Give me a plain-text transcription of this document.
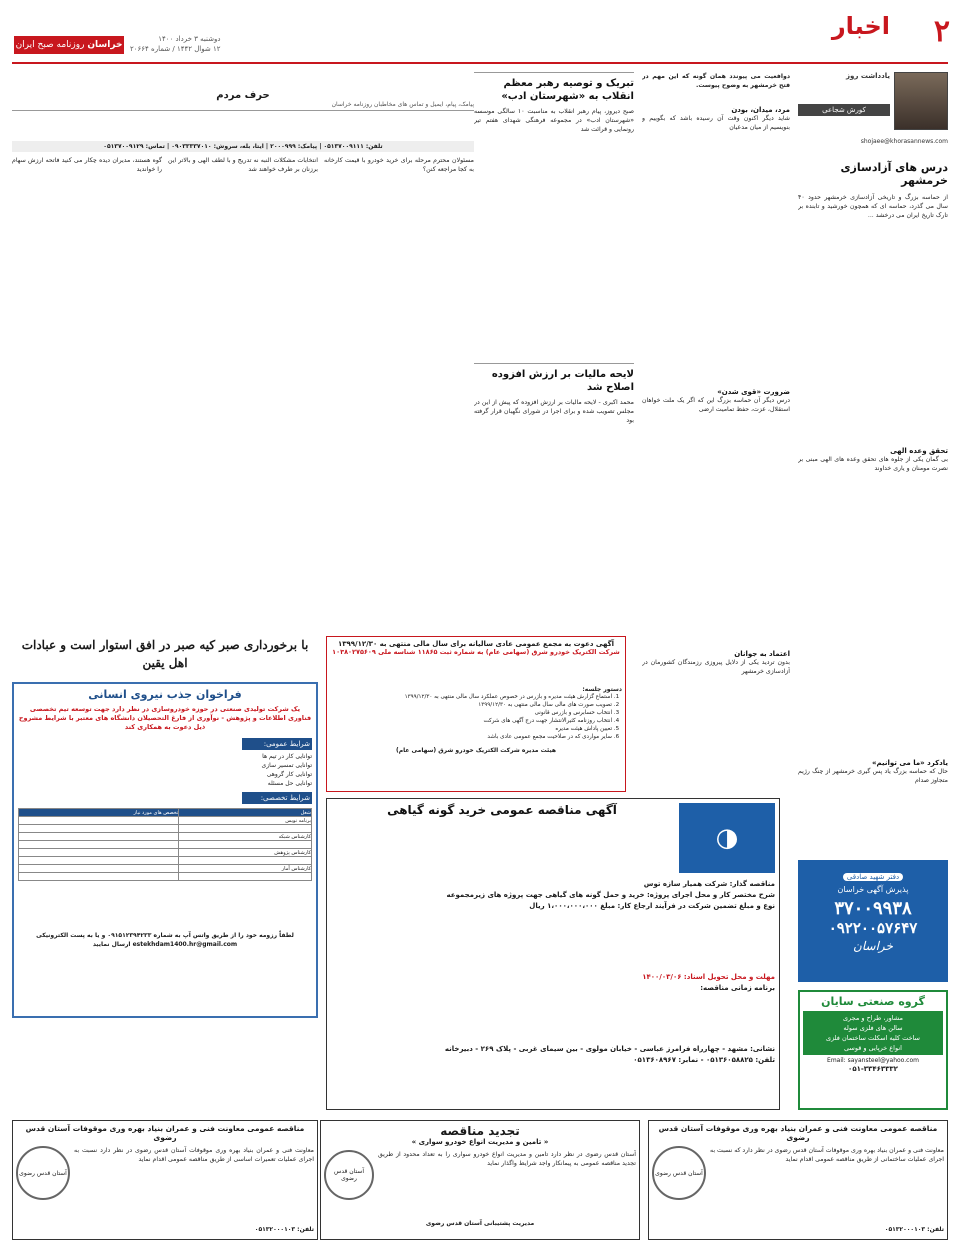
۲
اخبار
خراسان روزنامه صبح ایران
دوشنبه ۳ خرداد ۱۴۰۰
۱۲ شوال ۱۴۴۲ / شماره ۲۰۶۶۴
یادداشت روز
کورش شجاعی
shojaee@khorasannews.com
درس های آزادسازی خرمشهر
از حماسه بزرگ و تاریخی آزادسازی خرمشهر حدود ۴۰ سال می گذرد، حماسه ای که همچون خورشید و تابنده بر تارک تاریخ ایران می درخشد ...
تحقق وعده الهی
بی گمان یکی از جلوه های تحقق وعده های الهی مبنی بر نصرت مومنان و یاری خداوند
یادکرد «ما می توانیم»
حال که حماسه بزرگ یاد پس گیری خرمشهر از چنگ رژیم متجاوز صدام
دفتر شهید صادقی
پذیرش آگهی خراسان
۳۷۰۰۹۹۳۸
۰۹۲۲۰۰۵۷۶۴۷
خراسان
گروه صنعتی سایان
مشاور، طراح و مجری
سالن های فلزی سوله
ساخت کلیه اسکلت ساختمان فلزی
انواع خرپایی و قوسی
Email: sayansteel@yahoo.com
۰۵۱-۳۳۴۶۳۳۳۲
دوافعیت می پیوندد همان گونه که این مهم در فتح خرمشهر به وضوح پیوست.
مرد، میدان، بودن
شاید دیگر اکنون وقت آن رسیده باشد که بگوییم و بنویسیم از میان مدعیان
ضرورت «قوی شدن»
درس دیگر آن حماسه بزرگ این که اگر یک ملت خواهان استقلال، عزت، حفظ تمامیت ارضی
اعتماد به جوانان
بدون تردید یکی از دلایل پیروزی رزمندگان کشورمان در آزادسازی خرمشهر
تبریک و توصیه رهبر معظم انقلاب به «شهرستان ادب»
صبح دیروز، پیام رهبر انقلاب به مناسبت ۱۰ سالگی موسسه «شهرستان ادب» در مجموعه فرهنگی شهدای هفتم تیر رونمایی و قرائت شد
لایحه مالیات بر ارزش افزوده اصلاح شد
محمد اکبری - لایحه مالیات بر ارزش افزوده که پیش از این در مجلس تصویب شده و برای اجرا در شورای نگهبان قرار گرفته بود
حرف مردم
پیامک، پیام، ایمیل و تماس های مخاطبان روزنامه خراسان
تلفن: ۰۵۱۳۷۰۰۹۱۱۱ | پیامک: ۲۰۰۰۹۹۹ | ایتا، بله، سروش: ۰۹۰۳۳۳۳۷۰۱۰ | تماس: ۰۵۱۳۷۰۰۹۱۲۹
مسئولان محترم مرحله برای خرید خودرو با قیمت کارخانه به کجا مراجعه کنن؟
انتخابات مشکلات النبه نه تدریج و با لطف الهی و بالاتر این برزنان بر طرف خواهند شد
گوه هستند، مدیران دیده چکار می کنید فاتحه ارزش سهام را خواندید
با برخورداری صبر کیه صبر در افق استوار است و عبادات اهل یقین
فراخوان جذب نیروی انسانی
یک شرکت تولیدی صنعتی در حوزه خودروسازی در نظر دارد جهت توسعه تیم تخصصی فناوری اطلاعات و پژوهش - نوآوری از فارغ التحصیلان دانشگاه های معتبر با شرایط مشروح ذیل دعوت به همکاری کند
شرایط عمومی:
توانایی کار در تیم ها
توانایی تمسیر سازی
توانایی کار گروهی
توانایی حل مسئله
شرایط تخصصی:
شغل	تخصص های مورد نیاز
برنامه نویس	

کارشناس شبکه	

کارشناس پژوهش	

کارشناس آمار	

لطفاً رزومه خود را از طریق واتس آپ به شماره ۰۹۱۵۱۲۳۹۴۲۳۳ و یا به پست الکترونیکی estekhdam1400.hr@gmail.com ارسال نمایید
آگهی دعوت به مجمع عمومی عادی سالیانه برای سال مالی منتهی به ۱۳۹۹/۱۲/۳۰
شرکت الکتریک خودرو شرق (سهامی عام) به شماره ثبت ۱۱۸۶۵ شناسه ملی ۱۰۳۸۰۲۷۵۶۰۹
دستور جلسه:
1. استماع گزارش هیئت مدیره و بازرس در خصوص عملکرد سال مالی منتهی به ۱۳۹۹/۱۲/۳۰
2. تصویب صورت های مالی سال مالی منتهی به ۱۳۹۹/۱۲/۳۰
3. انتخاب حسابرس و بازرس قانونی
4. انتخاب روزنامه کثیرالانتشار جهت درج آگهی های شرکت
5. تعیین پاداش هیئت مدیره
6. سایر مواردی که در صلاحیت مجمع عمومی عادی باشد
هیئت مدیره شرکت الکتریک خودرو شرق (سهامی عام)
◑
آگهی مناقصه عمومی خرید گونه گیاهی
مناقصه گذار: شرکت همیار سازه توس
شرح مختصر کار و محل اجرای پروژه: خرید و حمل گونه های گیاهی جهت پروژه های زیرمجموعه
نوع و مبلغ تضمین شرکت در فرآیند ارجاع کار: مبلغ ۱،۰۰۰،۰۰۰،۰۰۰ ریال
مهلت و محل تحویل اسناد: ۱۴۰۰/۰۳/۰۶
برنامه زمانی مناقصه:
نشانی: مشهد - چهارراه فرامرز عباسی - خیابان مولوی - بین سیمای غربی - پلاک ۲۶۹ - دبیرخانه
تلفن: ۰۵۱۳۶۰۵۸۸۲۵ - نمابر: ۰۵۱۳۶۰۸۹۶۷
مناقصه عمومی معاونت فنی و عمران بنیاد بهره وری موقوفات آستان قدس رضوی
معاونت فنی و عمران بنیاد بهره وری موقوفات آستان قدس رضوی در نظر دارد که نسبت به اجرای عملیات ساختمانی از طریق مناقصه عمومی اقدام نماید
آستان قدس رضوی
تلفن: ۰۵۱۳۲۰۰۰۱۰۳
تجدید مناقصه
« تامین و مدیریت انواع خودرو سواری »
آستان قدس رضوی در نظر دارد تامین و مدیریت انواع خودرو سواری را به تعداد محدود از طریق تجدید مناقصه عمومی به پیمانکار واجد شرایط واگذار نماید
آستان قدس رضوی
مدیریت پشتیبانی آستان قدس رضوی
مناقصه عمومی معاونت فنی و عمران بنیاد بهره وری موقوفات آستان قدس رضوی
معاونت فنی و عمران بنیاد بهره وری موقوفات آستان قدس رضوی در نظر دارد نسبت به اجرای عملیات تعمیرات اساسی از طریق مناقصه عمومی اقدام نماید
آستان قدس رضوی
تلفن: ۰۵۱۳۲۰۰۰۱۰۳
